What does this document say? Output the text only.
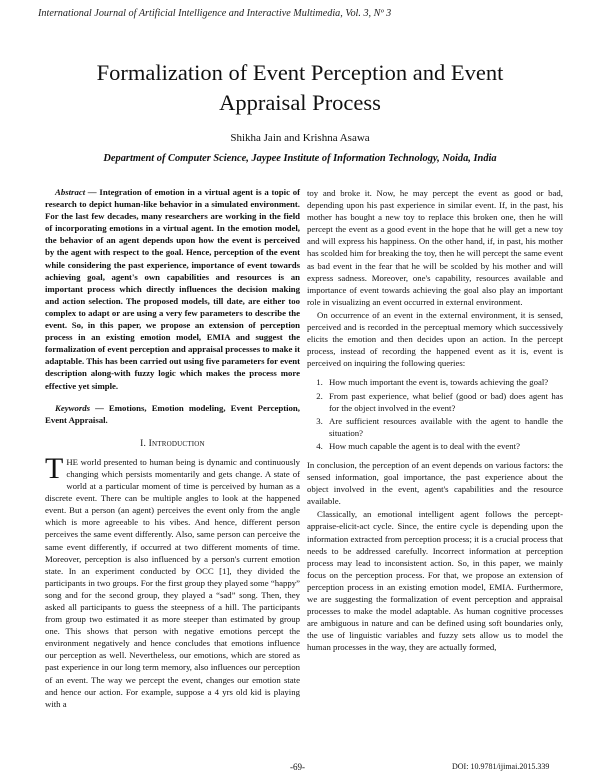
International Journal of Artificial Intelligence and Interactive Multimedia, Vol. 3, Nº 3
Formalization of Event Perception and Event Appraisal Process
Shikha Jain and Krishna Asawa
Department of Computer Science, Jaypee Institute of Information Technology, Noida, India

Abstract — Integration of emotion in a virtual agent is a topic of research to depict human-like behavior in a simulated environment. For the last few decades, many researchers are working in the field of incorporating emotions in a virtual agent. In the emotion model, the behavior of an agent depends upon how the event is perceived by the agent with respect to the goal. Hence, perception of the event while considering the past experience, importance of event towards achieving goal, agent's own capabilities and resources is an important process which directly influences the decision making and action selection. The proposed models, till date, are either too complex to adapt or are using a very few parameters to describe the event. So, in this paper, we propose an extension of perception process in an existing emotion model, EMIA and suggest the formalization of event perception and appraisal processes to make it adaptable. This has been carried out using five parameters for event description along-with fuzzy logic which makes the process more effective yet simple.

Keywords — Emotions, Emotion modeling, Event Perception, Event Appraisal.

I. Introduction

THE world presented to human being is dynamic and continuously changing which persists momentarily and gets change. A state of world at a particular moment of time is perceived by human as a discrete event. There can be multiple angles to look at the happened event. But a person (an agent) perceives the event only from the angle which is more agreeable to his vibes. And hence, different person perceives the same event differently. Also, same person can perceive the same event differently, if occurred at two different moments of time. Moreover, perception is also influenced by a person's current emotion state. In an experiment conducted by OCC [1], they divided the participants in two groups. For the first group they played some “happy” song and for the second group, they played a “sad” song. Then, they asked all participants to guess the steepness of a hill. The participants from group two estimated it as more steeper than estimated by group one. This shows that person with negative emotions percept the environment negatively and hence concludes that emotions influence our perception as well. Nevertheless, our emotions, which are stored as past experience in our long term memory, also influences our perception of an event. The way we percept the event, changes our emotion state and hence our action. For example, suppose a 4 yrs old kid is playing with a

toy and broke it. Now, he may percept the event as good or bad, depending upon his past experience in similar event. If, in the past, his mother has bought a new toy to replace this broken one, then he will percept the event as a good event in the hope that he will get a new toy and will express his happiness. On the other hand, if, in past, his mother has scolded him for breaking the toy, then he will percept the same event as bad event in the fear that he will be scolded by his mother and will express sadness. Moreover, one's capability, resources available and importance of event towards achieving the goal also play an important role in visualizing an event occurred in external environment.

On occurrence of an event in the external environment, it is sensed, perceived and is recorded in the perceptual memory which successively elicits the emotion and then decides upon an action. In the percept process, instead of recording the happened event as it is, event is perceived on inquiring the following queries:

1. How much important the event is, towards achieving the goal?
2. From past experience, what belief (good or bad) does agent has for the object involved in the event?
3. Are sufficient resources available with the agent to handle the situation?
4. How much capable the agent is to deal with the event?

In conclusion, the perception of an event depends on various factors: the sensed information, goal importance, the past experience about the object involved in the event, agent's capabilities and the resource available.

Classically, an emotional intelligent agent follows the percept-appraise-elicit-act cycle. Since, the entire cycle is depending upon the information extracted from perception process; it is a crucial process that needs to be addressed carefully. Incorrect information at perception process may lead to inconsistent action. So, in this paper, we mainly focus on the perception process. For that, we propose an extension of perception process in an existing emotion model, EMIA. Furthermore, we are suggesting the formalization of event perception and appraisal processes to make the model adaptable. As human cognitive processes are ambiguous in nature and can be defined using soft boundaries only, the use of linguistic variables and fuzzy sets allow us to model the human processes in the way, they are actually formed,

-69-	DOI: 10.9781/ijimai.2015.339
